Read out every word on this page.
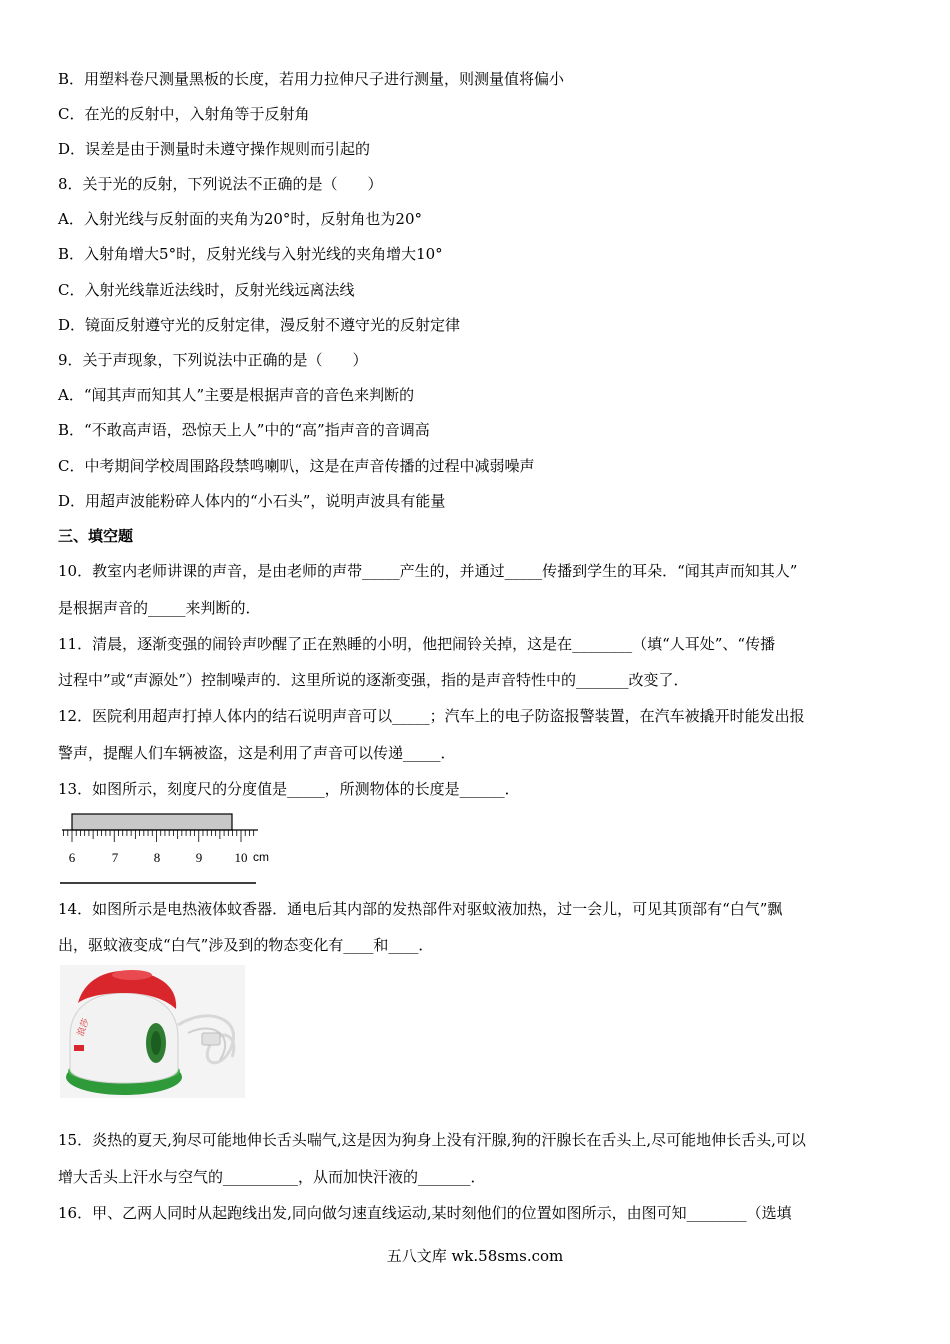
B．用塑料卷尺测量黑板的长度，若用力拉伸尺子进行测量，则测量值将偏小
C．在光的反射中，入射角等于反射角
D．误差是由于测量时未遵守操作规则而引起的
8．关于光的反射，下列说法不正确的是（　　）
A．入射光线与反射面的夹角为20°时，反射角也为20°
B．入射角增大5°时，反射光线与入射光线的夹角增大10°
C．入射光线靠近法线时，反射光线远离法线
D．镜面反射遵守光的反射定律，漫反射不遵守光的反射定律
9．关于声现象，下列说法中正确的是（　　）
A．“闻其声而知其人”主要是根据声音的音色来判断的
B．“不敢高声语，恐惊天上人”中的“高”指声音的音调高
C．中考期间学校周围路段禁鸣喇叭，这是在声音传播的过程中减弱噪声
D．用超声波能粉碎人体内的“小石头”，说明声波具有能量
三、填空题
10．教室内老师讲课的声音，是由老师的声带_____产生的，并通过_____传播到学生的耳朵．“闻其声而知其人”
是根据声音的_____来判断的．
11．清晨，逐渐变强的闹铃声吵醒了正在熟睡的小明，他把闹铃关掉，这是在________（填“人耳处”、“传播
过程中”或“声源处”）控制噪声的．这里所说的逐渐变强，指的是声音特性中的_______改变了．
12．医院利用超声打掉人体内的结石说明声音可以_____；汽车上的电子防盗报警装置，在汽车被撬开时能发出报
警声，提醒人们车辆被盗，这是利用了声音可以传递_____．
13．如图所示，刻度尺的分度值是_____，所测物体的长度是______．
6	7	8	9 10 cm
14．如图所示是电热液体蚊香器．通电后其内部的发热部件对驱蚊液加热，过一会儿，可见其顶部有“白气”飘
出，驱蚊液变成“白气”涉及到的物态变化有____和____．
浪莎
15．炎热的夏天,狗尽可能地伸长舌头喘气,这是因为狗身上没有汗腺,狗的汗腺长在舌头上,尽可能地伸长舌头,可以
增大舌头上汗水与空气的__________，从而加快汗液的_______．
16．甲、乙两人同时从起跑线出发,同向做匀速直线运动,某时刻他们的位置如图所示，由图可知________（选填
五八文库 wk.58sms.com
